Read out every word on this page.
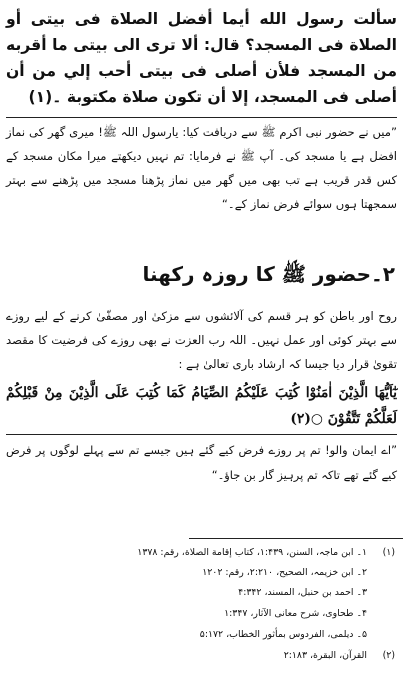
سألت رسول الله أيما أفضل الصلاة فى بيتى أو الصلاة فى المسجد؟ قال: ألا ترى الى بيتى ما أقربه من المسجد فلأن أصلى فى بيتى أحب إلي من أن أصلى فى المسجد، إلا أن تكون صلاة مكتوبة ۔(۱)

”میں نے حضور نبی اکرم ﷺ سے دریافت کیا: یارسول اللہ ﷺ! میری گھر کی نماز افضل ہے یا مسجد کی۔ آپ ﷺ نے فرمایا: تم نہیں دیکھتے میرا مکان مسجد کے کس قدر قریب ہے تب بھی میں گھر میں نماز پڑھنا مسجد میں پڑھنے سے بہتر سمجھتا ہوں سوائے فرض نماز کے۔“

۲۔حضور ﷺ کا روزہ رکھنا

روح اور باطن کو ہر قسم کی آلائشوں سے مزکیٰ اور مصفّیٰ کرنے کے لیے روزے سے بہتر کوئی اور عمل نہیں۔ اللہ رب العزت نے بھی روزے کی فرضیت کا مقصد تقویٰ قرار دیا جیسا کہ ارشاد باری تعالیٰ ہے :

يٰٓاَيُّهَا الَّذِيْنَ اٰمَنُوْا كُتِبَ عَلَيْكُمُ الصِّيَامُ كَمَا كُتِبَ عَلَى الَّذِيْنَ مِنْ قَبْلِكُمْ لَعَلَّكُمْ تَتَّقُوْنَ ○(۲)

”اے ایمان والو! تم پر روزے فرض کیے گئے ہیں جیسے تم سے پہلے لوگوں پر فرض کیے گئے تھے تاکہ تم پرہیز گار بن جاؤ۔“

(۱)۱۔ ابن ماجہ، السنن، ۱:۴۳۹، کتاب إقامة الصلاة، رقم: ۱۳۷۸
۲۔ ابن خزیمہ، الصحیح، ۲:۲۱۰، رقم: ۱۲۰۲
۳۔ احمد بن حنبل، المسند، ۴:۳۴۲
۴۔ طحاوی، شرح معانی الآثار، ۱:۳۴۷
۵۔ دیلمی، الفردوس بمأثور الخطاب، ۵:۱۷۲
(۲)القرآن، البقرة، ۲:۱۸۳
